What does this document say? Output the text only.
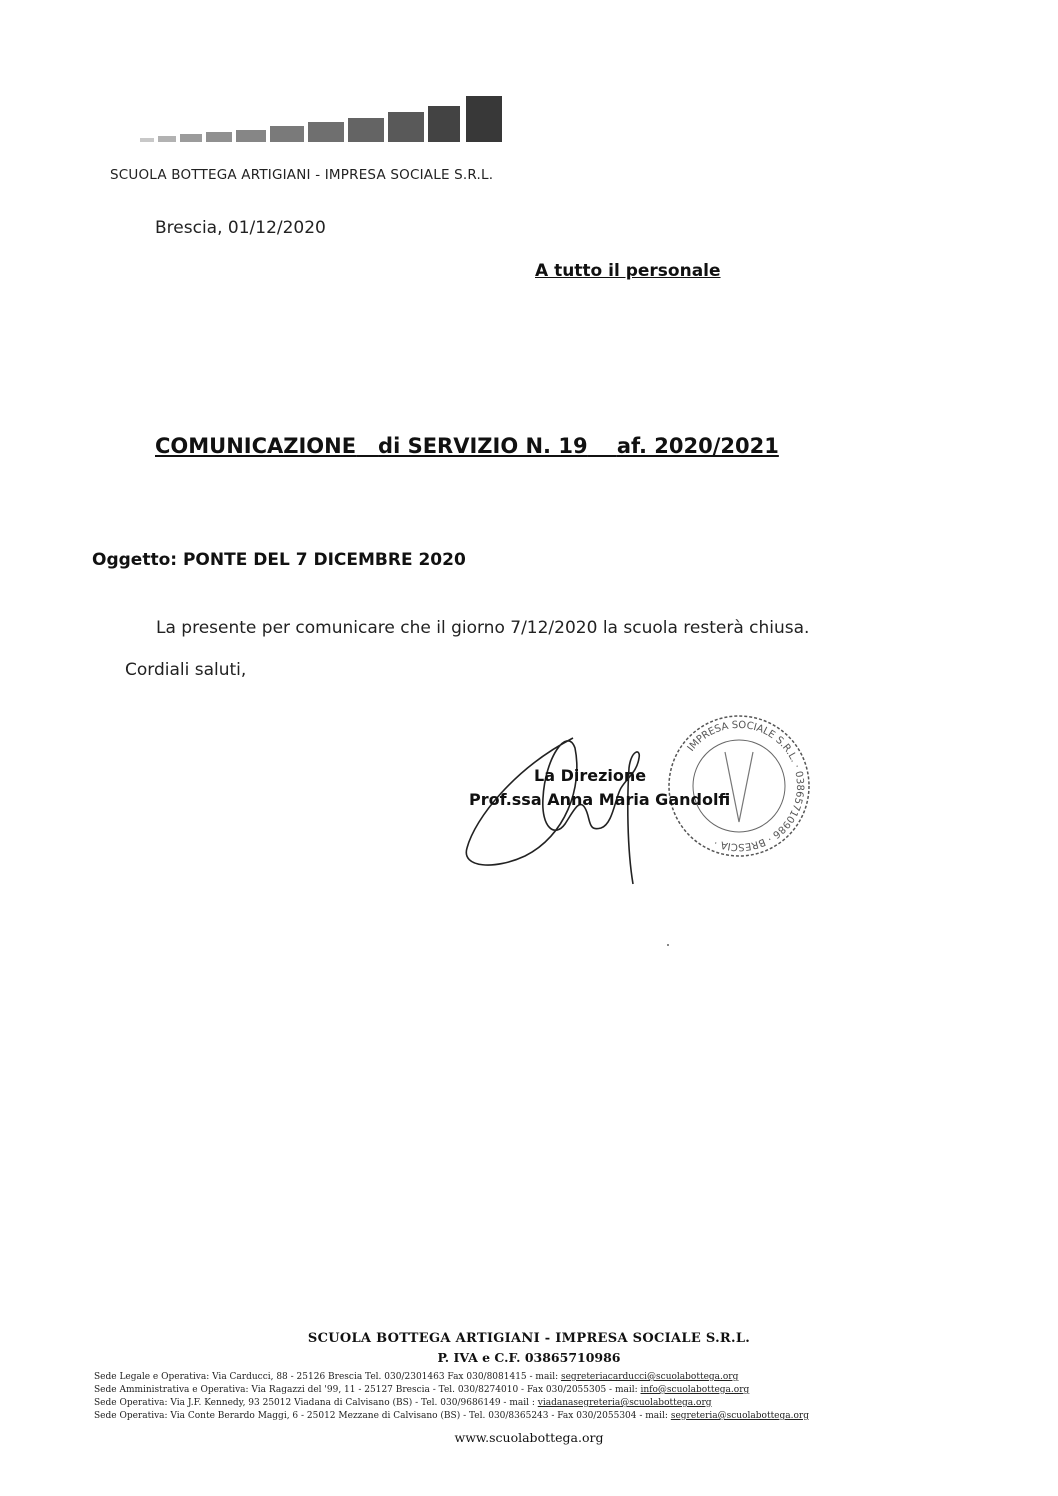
SCUOLA BOTTEGA ARTIGIANI - IMPRESA SOCIALE S.R.L.
Brescia, 01/12/2020
A tutto il personale
COMUNICAZIONE di SERVIZIO N. 19 af. 2020/2021
Oggetto: PONTE DEL 7 DICEMBRE 2020
La presente per comunicare che il giorno 7/12/2020 la scuola resterà chiusa.
Cordiali saluti,
IMPRESA SOCIALE S.R.L. · 03865710986 · BRESCIA ·
La Direzione
Prof.ssa Anna Maria Gandolfi
SCUOLA BOTTEGA ARTIGIANI - IMPRESA SOCIALE S.R.L.
P. IVA e C.F. 03865710986
Sede Legale e Operativa: Via Carducci, 88 - 25126 Brescia Tel. 030/2301463 Fax 030/8081415 - mail: segreteriacarducci@scuolabottega.org
Sede Amministrativa e Operativa: Via Ragazzi del '99, 11 - 25127 Brescia - Tel. 030/8274010 - Fax 030/2055305 - mail: info@scuolabottega.org
Sede Operativa: Via J.F. Kennedy, 93 25012 Viadana di Calvisano (BS) - Tel. 030/9686149 - mail : viadanasegreteria@scuolabottega.org
Sede Operativa: Via Conte Berardo Maggi, 6 - 25012 Mezzane di Calvisano (BS) - Tel. 030/8365243 - Fax 030/2055304 - mail: segreteria@scuolabottega.org
www.scuolabottega.org
